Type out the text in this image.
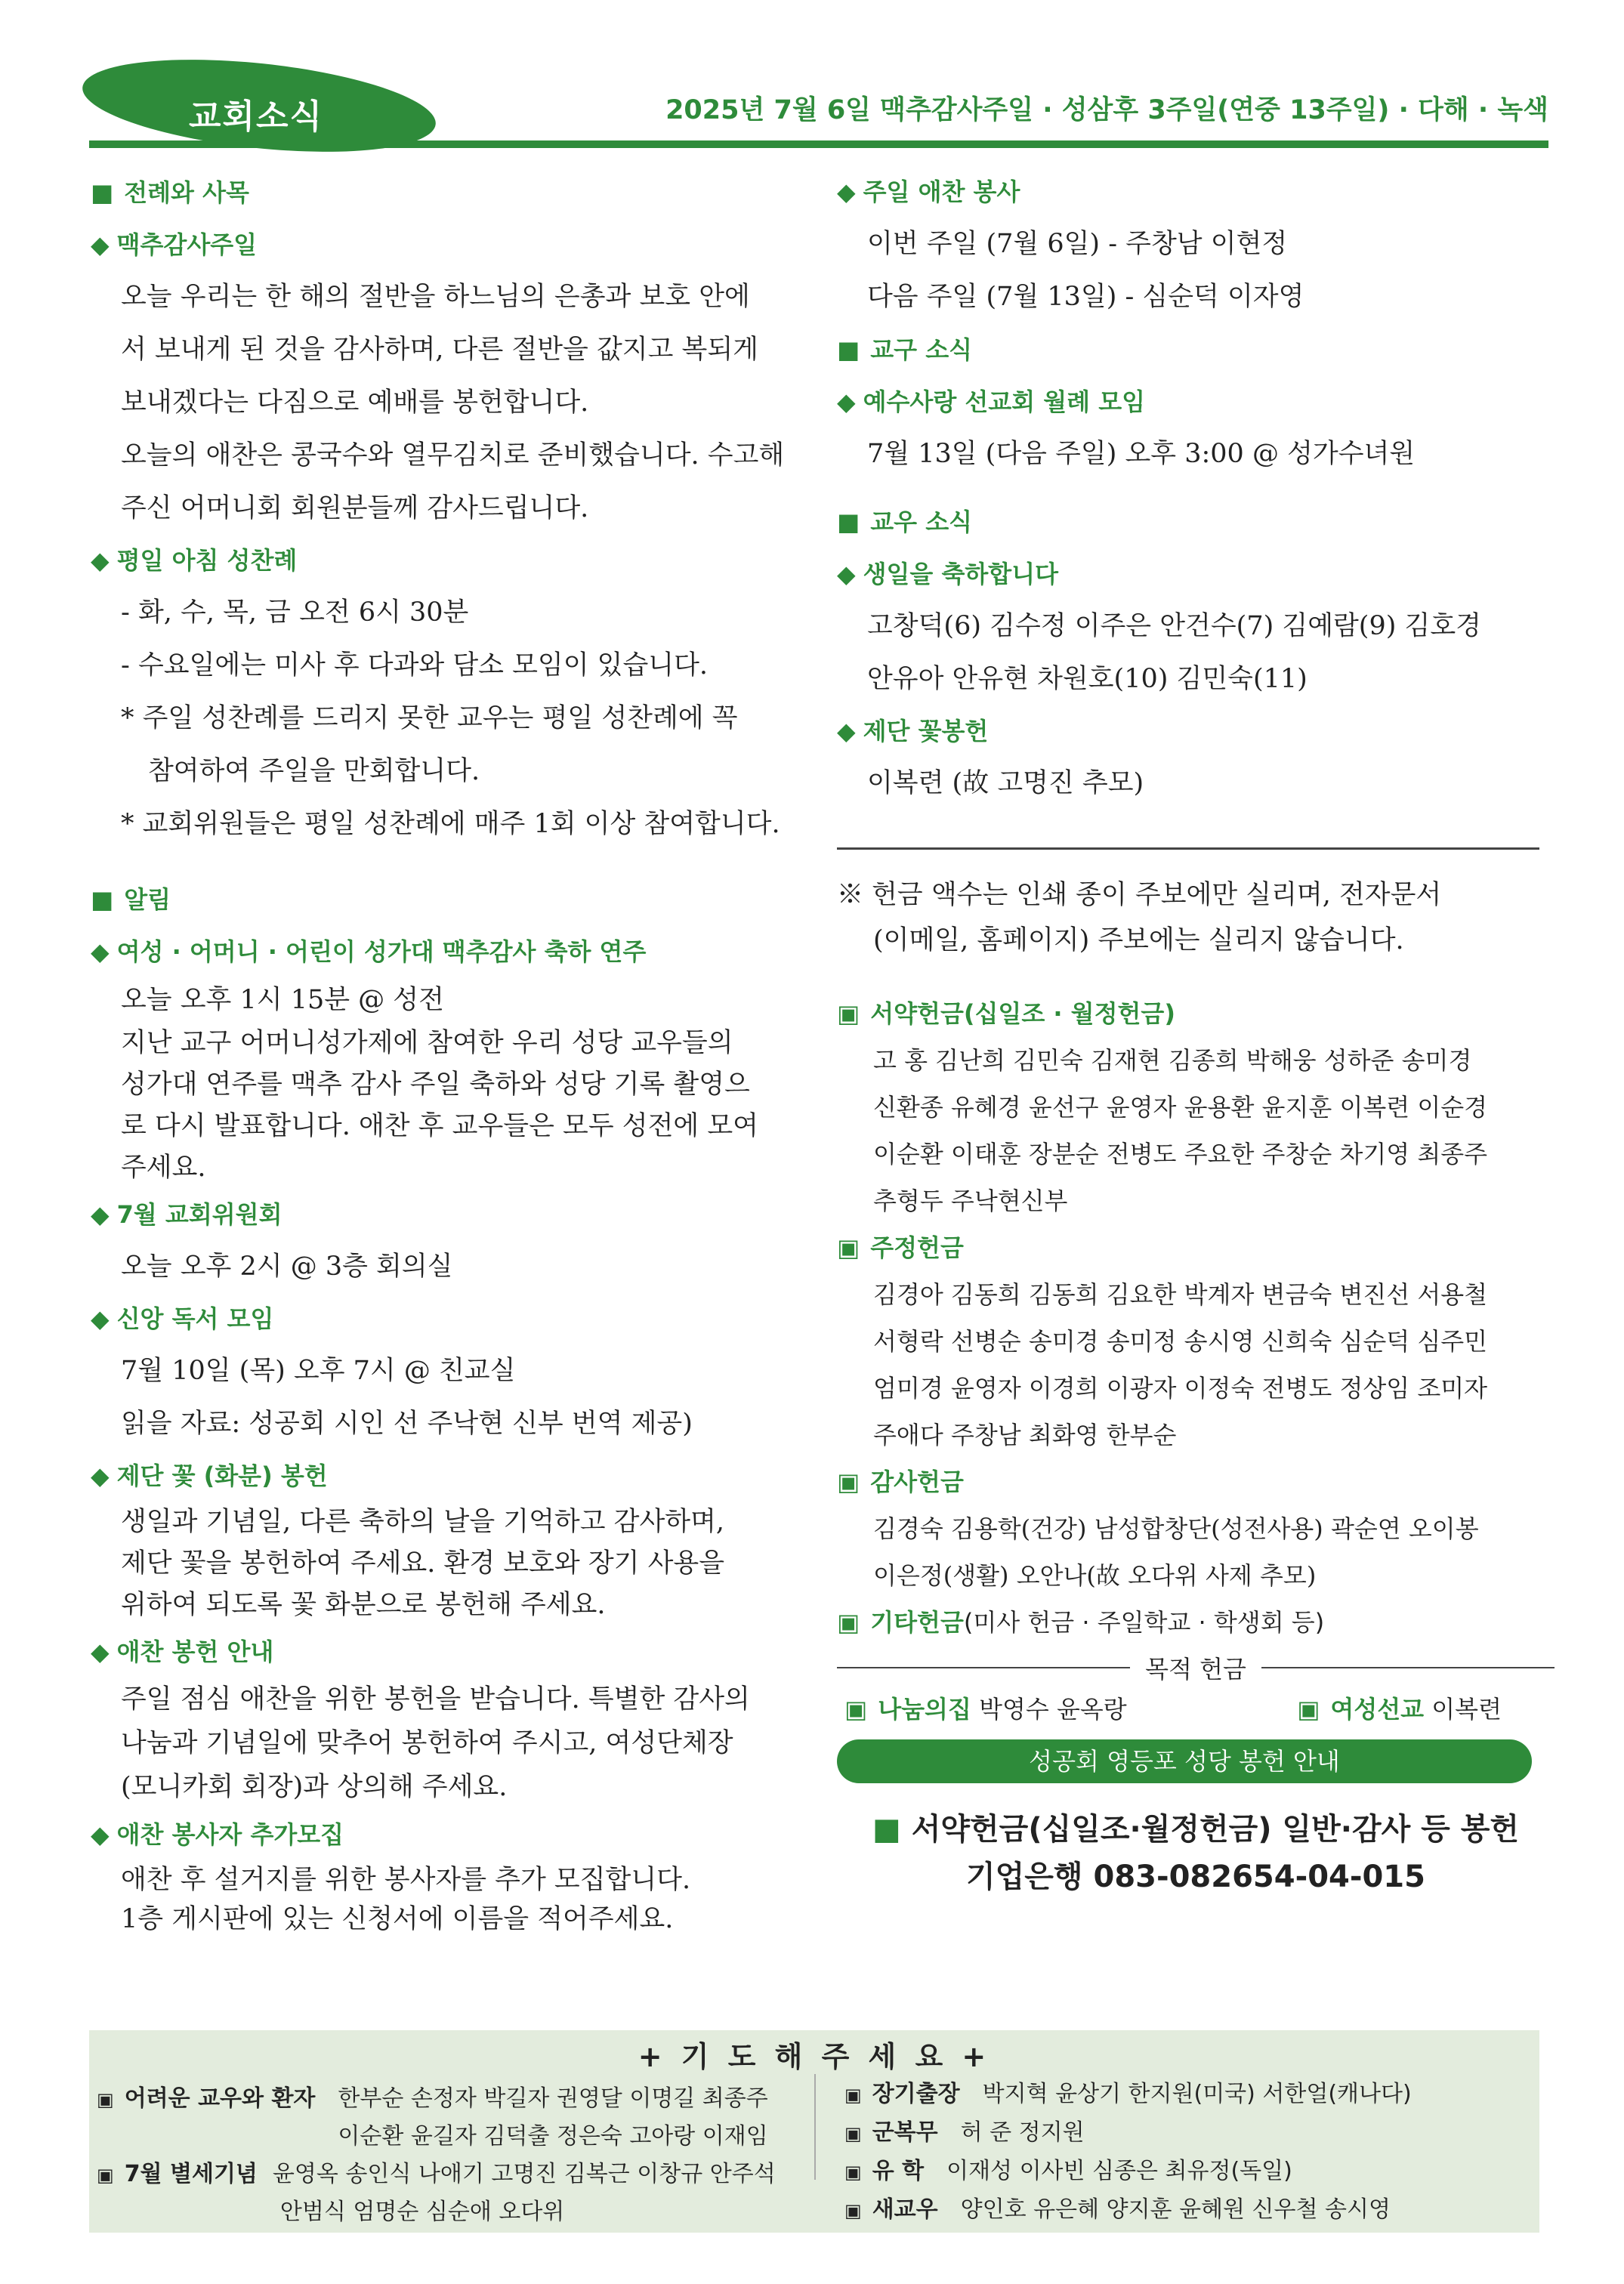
교회소식	2025년 7월 6일 맥추감사주일 · 성삼후 3주일(연중 13주일) · 다해 · 녹색
■ 전례와 사목
◆ 맥추감사주일
오늘 우리는 한 해의 절반을 하느님의 은총과 보호 안에
서 보내게 된 것을 감사하며, 다른 절반을 값지고 복되게
보내겠다는 다짐으로 예배를 봉헌합니다.
오늘의 애찬은 콩국수와 열무김치로 준비했습니다. 수고해
주신 어머니회 회원분들께 감사드립니다.
◆ 평일 아침 성찬례
- 화, 수, 목, 금 오전 6시 30분
- 수요일에는 미사 후 다과와 담소 모임이 있습니다.
* 주일 성찬례를 드리지 못한 교우는 평일 성찬례에 꼭
참여하여 주일을 만회합니다.
* 교회위원들은 평일 성찬례에 매주 1회 이상 참여합니다.
■ 알림
◆ 여성 · 어머니 · 어린이 성가대 맥추감사 축하 연주
오늘 오후 1시 15분 @ 성전
지난 교구 어머니성가제에 참여한 우리 성당 교우들의
성가대 연주를 맥추 감사 주일 축하와 성당 기록 촬영으
로 다시 발표합니다. 애찬 후 교우들은 모두 성전에 모여
주세요.
◆ 7월 교회위원회
오늘 오후 2시 @ 3층 회의실
◆ 신앙 독서 모임
7월 10일 (목) 오후 7시 @ 친교실
읽을 자료: 성공회 시인 선 주낙현 신부 번역 제공)
◆ 제단 꽃 (화분) 봉헌
생일과 기념일, 다른 축하의 날을 기억하고 감사하며,
제단 꽃을 봉헌하여 주세요. 환경 보호와 장기 사용을
위하여 되도록 꽃 화분으로 봉헌해 주세요.
◆ 애찬 봉헌 안내
주일 점심 애찬을 위한 봉헌을 받습니다. 특별한 감사의
나눔과 기념일에 맞추어 봉헌하여 주시고, 여성단체장
(모니카회 회장)과 상의해 주세요.
◆ 애찬 봉사자 추가모집
애찬 후 설거지를 위한 봉사자를 추가 모집합니다.
1층 게시판에 있는 신청서에 이름을 적어주세요.
◆ 주일 애찬 봉사
이번 주일 (7월 6일) - 주창남 이현정
다음 주일 (7월 13일) - 심순덕 이자영
■ 교구 소식
◆ 예수사랑 선교회 월례 모임
7월 13일 (다음 주일) 오후 3:00 @ 성가수녀원
■ 교우 소식
◆ 생일을 축하합니다
고창덕(6) 김수정 이주은 안건수(7) 김예람(9) 김호경
안유아 안유현 차원호(10) 김민숙(11)
◆ 제단 꽃봉헌
이복련 (故 고명진 추모)
※ 헌금 액수는 인쇄 종이 주보에만 실리며, 전자문서
(이메일, 홈페이지) 주보에는 실리지 않습니다.
▣ 서약헌금(십일조 · 월정헌금)
고 홍 김난희 김민숙 김재현 김종희 박해웅 성하준 송미경
신환종 유혜경 윤선구 윤영자 윤용환 윤지훈 이복련 이순경
이순환 이태훈 장분순 전병도 주요한 주창순 차기영 최종주
추형두 주낙현신부
▣ 주정헌금
김경아 김동희 김동희 김요한 박계자 변금숙 변진선 서용철
서형락 선병순 송미경 송미정 송시영 신희숙 심순덕 심주민
엄미경 윤영자 이경희 이광자 이정숙 전병도 정상임 조미자
주애다 주창남 최화영 한부순
▣ 감사헌금
김경숙 김용학(건강) 남성합창단(성전사용) 곽순연 오이봉
이은정(생활) 오안나(故 오다위 사제 추모)
▣ 기타헌금(미사 헌금 · 주일학교 · 학생회 등)
목적 헌금
▣ 나눔의집 박영수 윤옥랑
▣	여성선교 이복련
성공회 영등포 성당 봉헌 안내
■ 서약헌금(십일조·월정헌금) 일반·감사 등 봉헌
기업은행 083-082654-04-015
+ 기 도 해 주 세 요 +
▣ 어려운 교우와 환자 한부순 손정자 박길자 권영달 이명길 최종주
이순환 윤길자 김덕출 정은숙 고아랑 이재임
▣ 7월 별세기념 윤영옥 송인식 나애기 고명진 김복근 이창규 안주석
안범식 엄명순 심순애 오다위
▣ 장기출장 박지혁 윤상기 한지원(미국) 서한얼(캐나다)
▣ 군복무 허 준 정지원
▣ 유 학 이재성 이사빈 심종은 최유정(독일)
▣ 새교우 양인호 유은혜 양지훈 윤혜원 신우철 송시영
